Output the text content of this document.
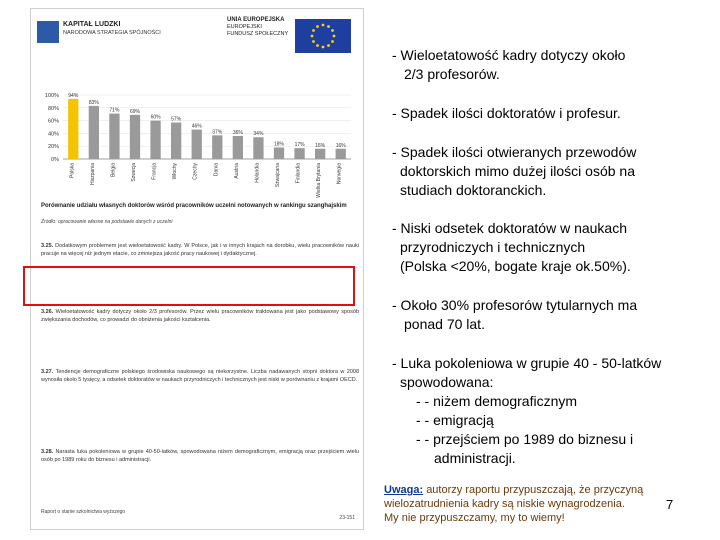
KAPITAŁ LUDZKI
NARODOWA STRATEGIA SPÓJNOŚCI
UNIA EUROPEJSKA
EUROPEJSKI
FUNDUSZ SPOŁECZNY
0%
20%
40%
60%
80%
100% 94%
Polska
83%
Hiszpania
71%
Belgia
69%
Szwecja
60%
Francja
57%
Włochy
46%
Czechy
37%
Dania
36%
Austria
34%
Holandia
18%
Szwajcaria
17%
Finlandia
16%
Wielka Brytania
16%
Norwegia
Porównanie udziału własnych doktorów wśród pracowników uczelni notowanych w rankingu szanghajskim
Źródło: opracowanie własne na podstawie danych z uczelni
3.25. Dodatkowym problemem jest wieloetatowość kadry. W Polsce, jak i w innych krajach na dorobku, wielu pracowników nauki pracuje na więcej niż jednym etacie, co zmniejsza jakość pracy naukowej i dydaktycznej.
3.26. Wieloetatowość kadry dotyczy około 2/3 profesorów. Przez wielu pracowników traktowana jest jako podstawowy sposób zwiększania dochodów, co prowadzi do obniżenia jakości kształcenia.
3.27. Tendencje demograficzne polskiego środowiska naukowego są niekorzystne. Liczba nadawanych stopni doktora w 2008 wynosiła około 5 tysięcy, a odsetek doktoratów w naukach przyrodniczych i technicznych jest niski w porównaniu z krajami OECD.
3.28. Narasta luka pokoleniowa w grupie 40-50-latków, spowodowana niżem demograficznym, emigracją oraz przejściem wielu osób po 1989 roku do biznesu i administracji.
Raport o stanie szkolnictwa wyższego
23-151
- Wieloetatowość kadry dotyczy około
2/3 profesorów.
- Spadek ilości doktoratów i profesur.
- Spadek ilości otwieranych przewodów
doktorskich mimo dużej ilości osób na
studiach doktoranckich.
- Niski odsetek doktoratów w naukach
przyrodniczych i technicznych
(Polska <20%, bogate kraje ok.50%).
- Około 30% profesorów tytularnych ma
ponad 70 lat.
- Luka pokoleniowa w grupie 40 - 50-latków
spowodowana:
- - niżem demograficznym
- - emigracją
- - przejściem po 1989 do biznesu i
administracji.
Uwaga: autorzy raportu przypuszczają, że przyczyną
wielozatrudnienia kadry są niskie wynagrodzenia.
My nie przypuszczamy, my to wiemy!
7
